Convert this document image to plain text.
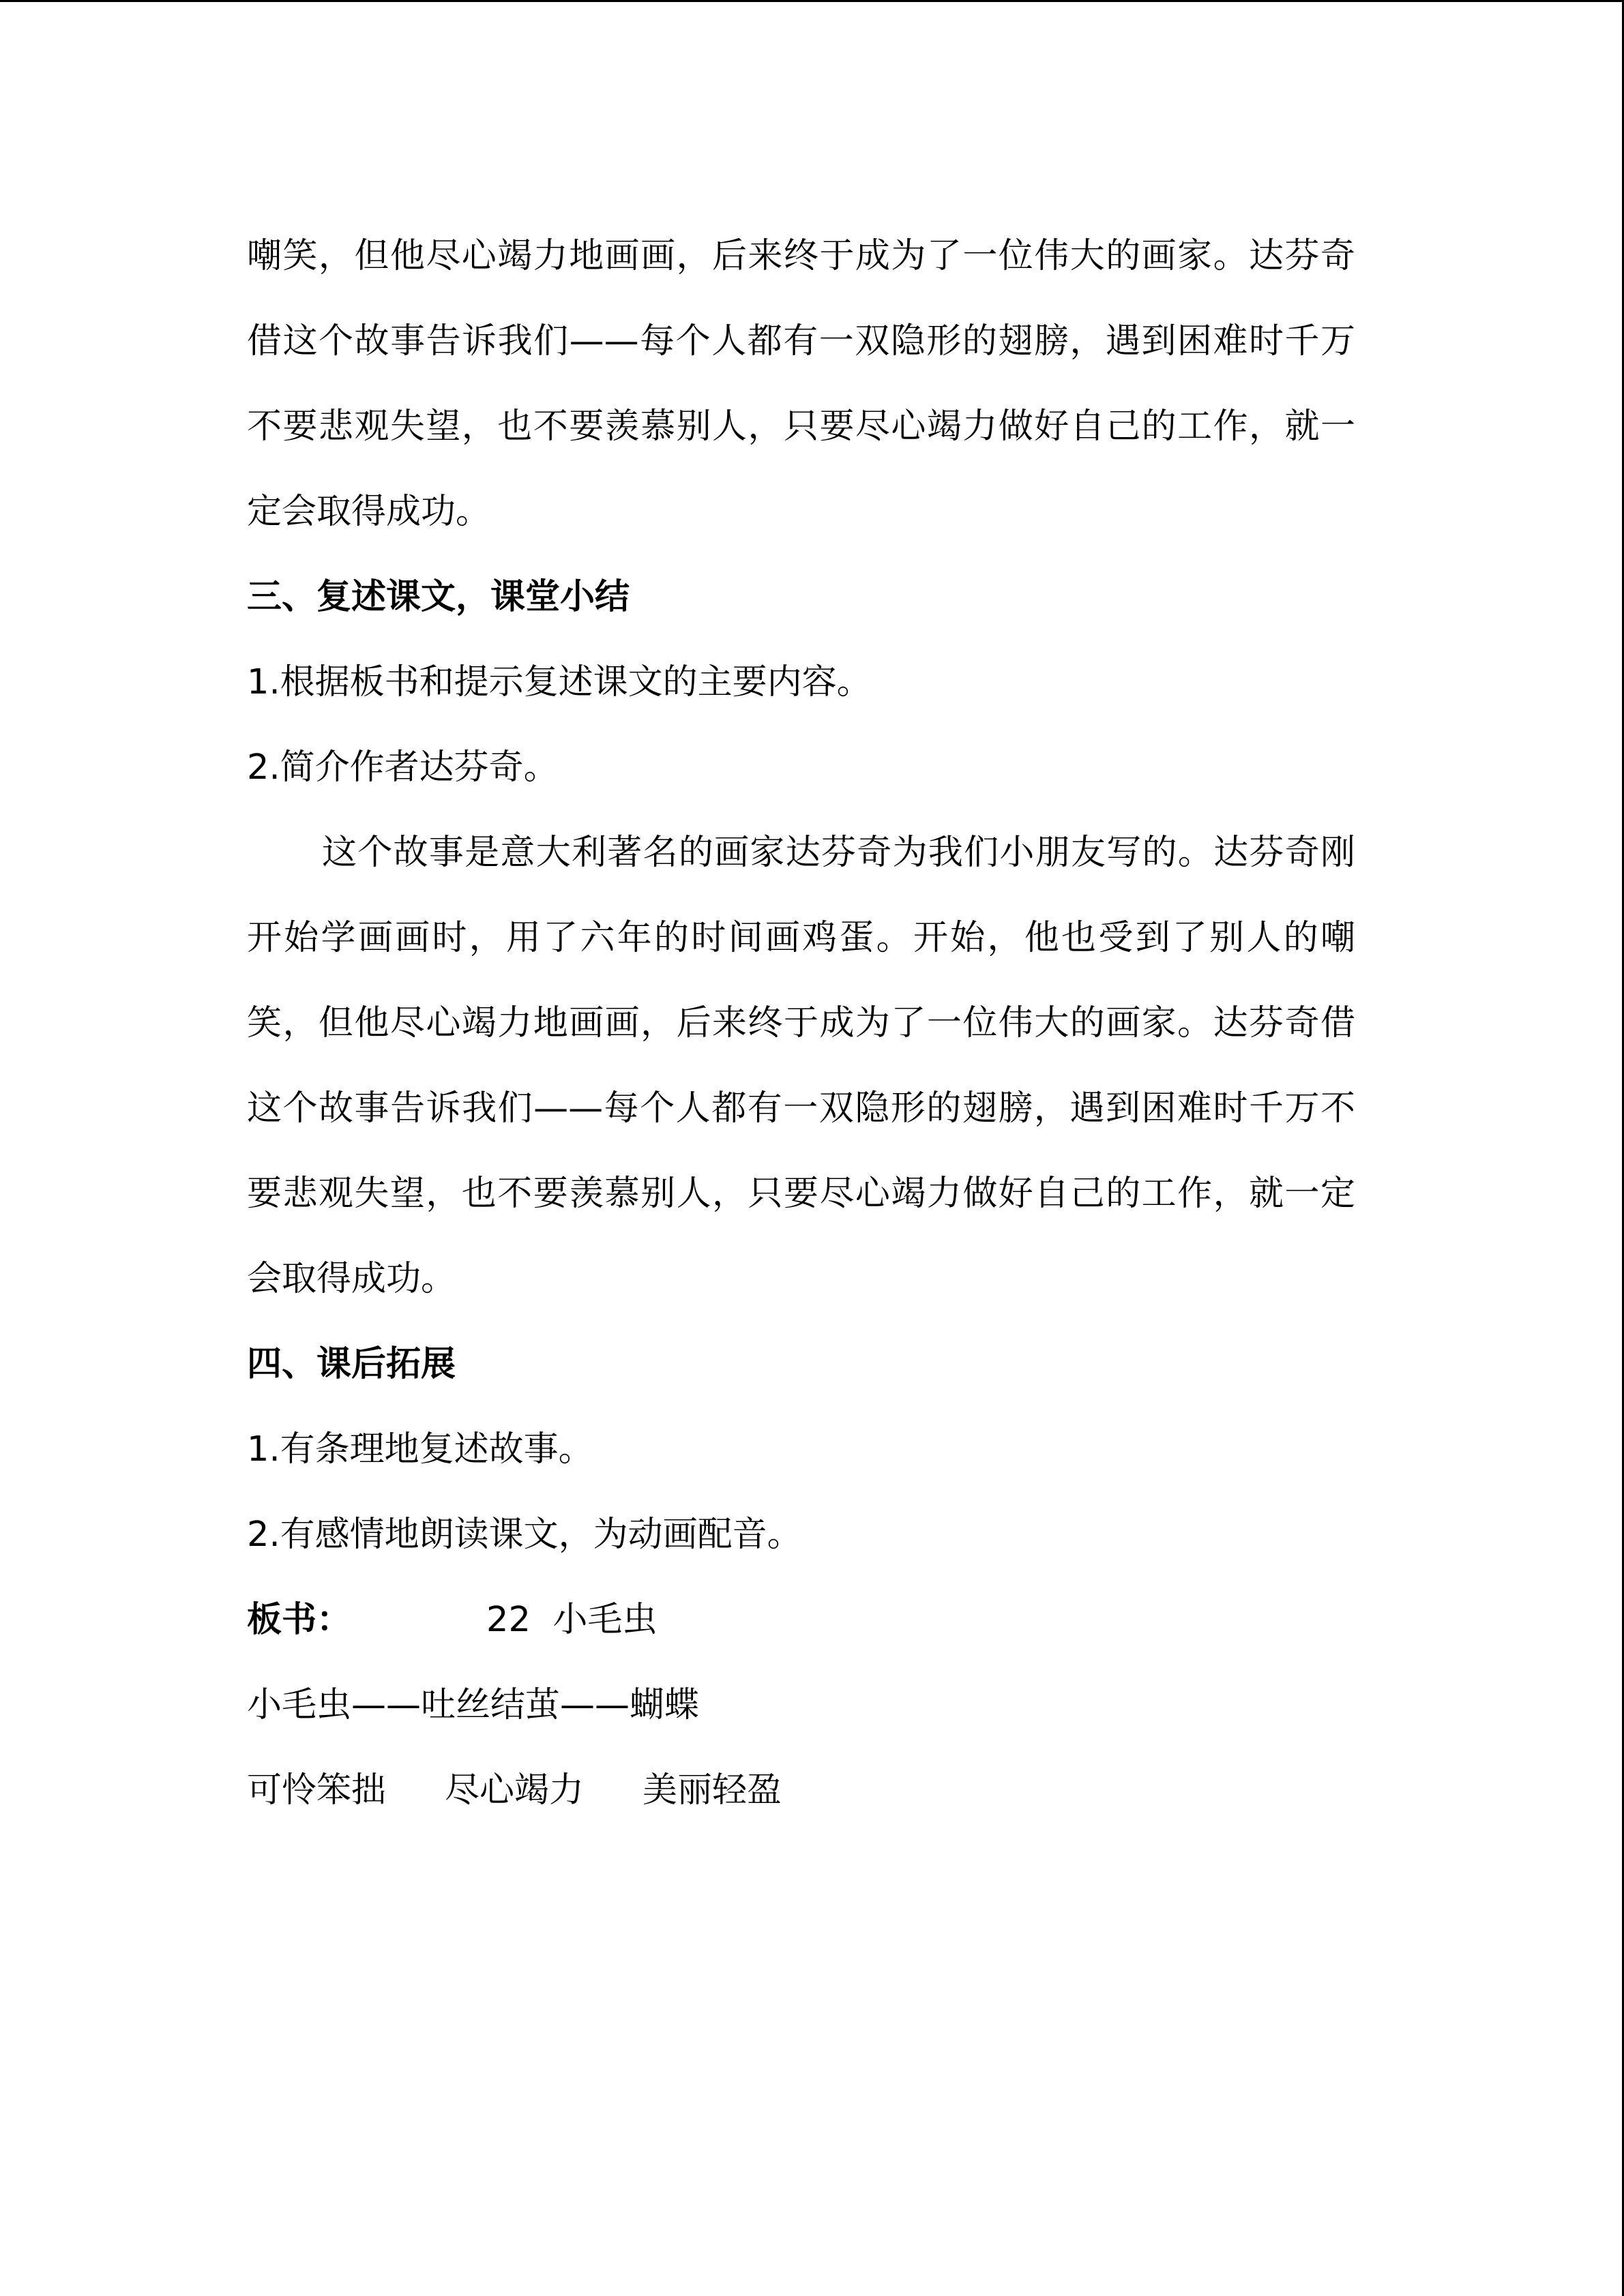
嘲笑，但他尽心竭力地画画，后来终于成为了一位伟大的画家。达芬奇借这个故事告诉我们——每个人都有一双隐形的翅膀，遇到困难时千万不要悲观失望，也不要羡慕别人，只要尽心竭力做好自己的工作，就一定会取得成功。

三、复述课文，课堂小结

1.根据板书和提示复述课文的主要内容。

2.简介作者达芬奇。

这个故事是意大利著名的画家达芬奇为我们小朋友写的。达芬奇刚开始学画画时，用了六年的时间画鸡蛋。开始，他也受到了别人的嘲笑，但他尽心竭力地画画，后来终于成为了一位伟大的画家。达芬奇借这个故事告诉我们——每个人都有一双隐形的翅膀，遇到困难时千万不要悲观失望，也不要羡慕别人，只要尽心竭力做好自己的工作，就一定会取得成功。

四、课后拓展

1.有条理地复述故事。

2.有感情地朗读课文，为动画配音。

板书：	22  小毛虫

小毛虫——吐丝结茧——蝴蝶

可怜笨拙 尽心竭力 美丽轻盈
